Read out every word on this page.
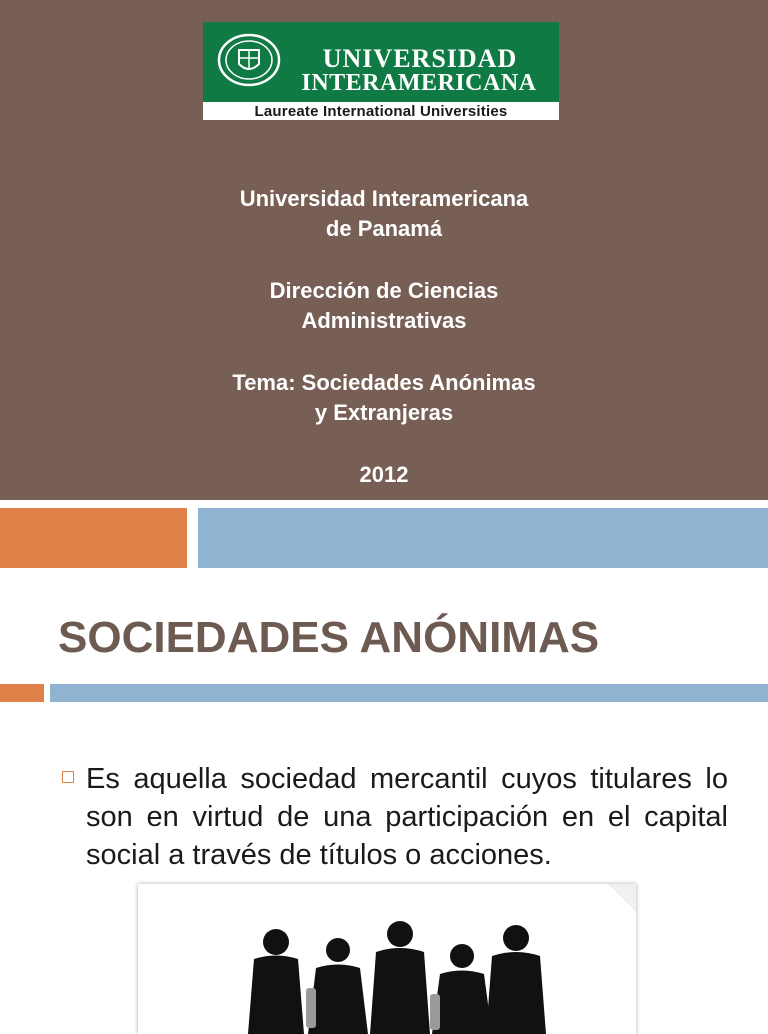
UNIVERSIDAD
INTERAMERICANA
Laureate International Universities
Universidad Interamericana
de Panamá
Dirección de Ciencias
Administrativas
Tema: Sociedades Anónimas
y Extranjeras
2012
SOCIEDADES ANÓNIMAS
Es aquella sociedad mercantil cuyos titulares lo son en virtud de una participación en el capital social a través de títulos o acciones.
